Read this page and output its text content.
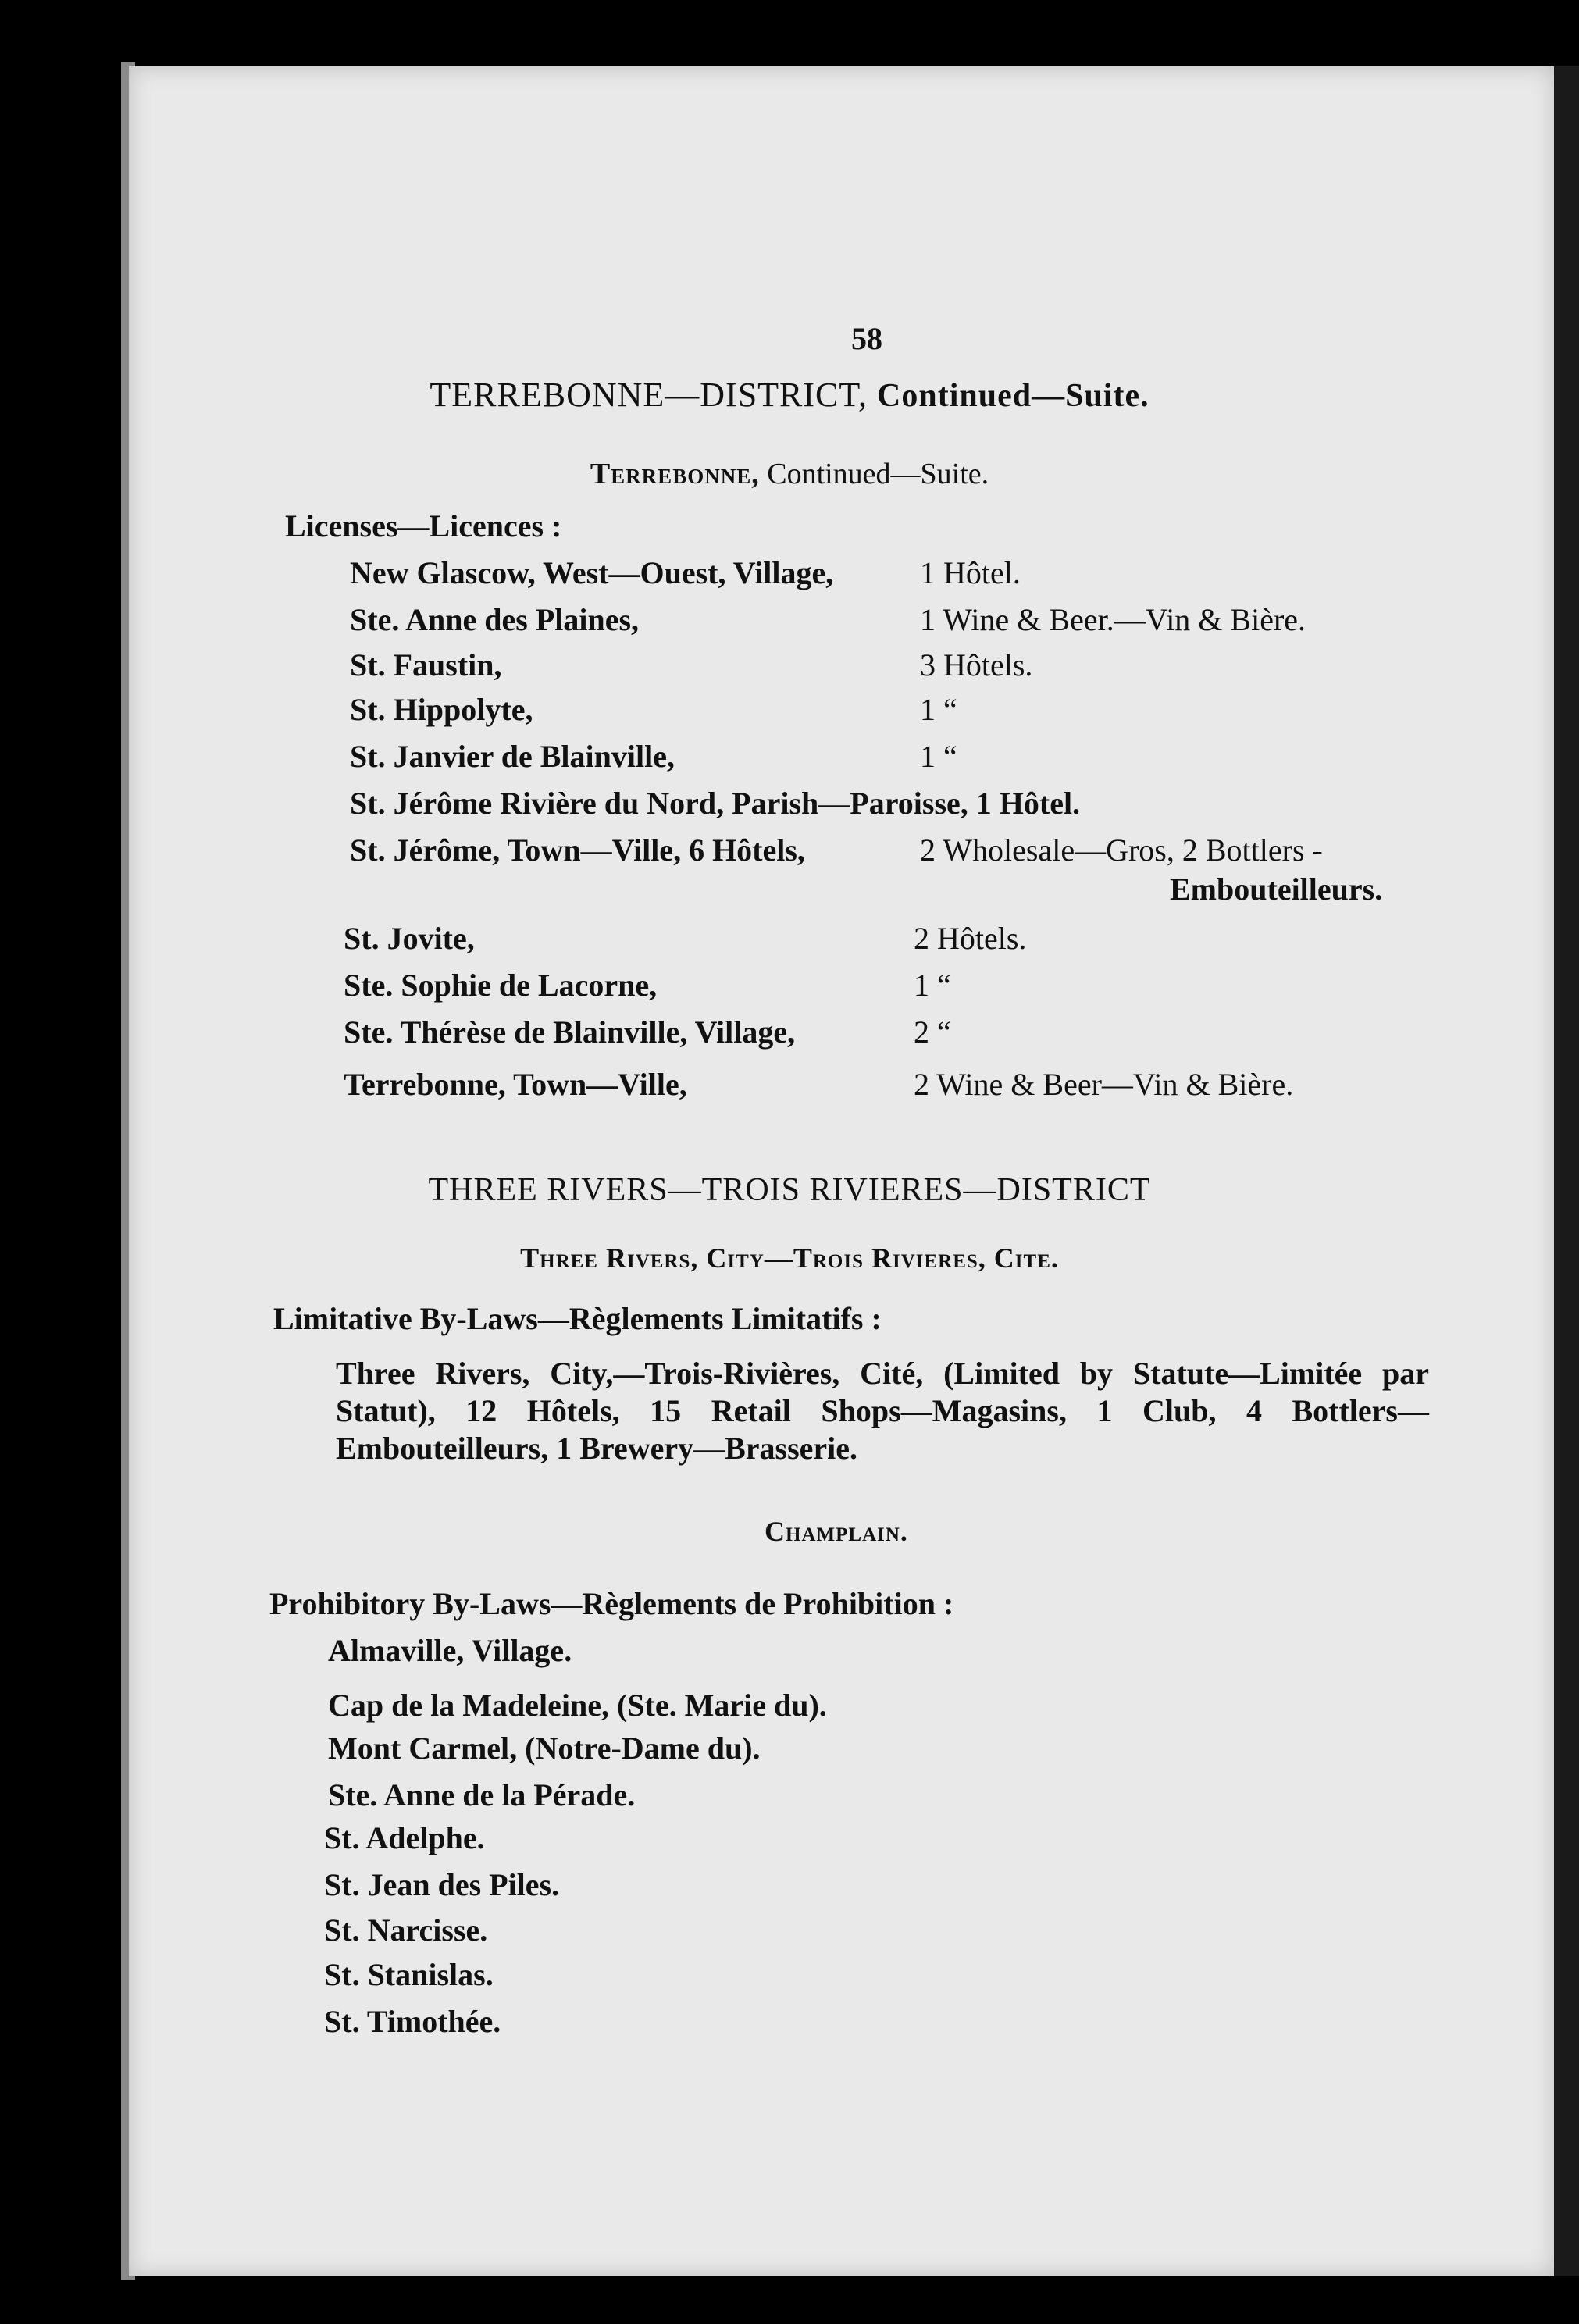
58
TERREBONNE—DISTRICT, Continued—Suite.
Terrebonne, Continued—Suite.
Licenses—Licences :
New Glascow, West—Ouest, Village,	1 Hôtel.
Ste. Anne des Plaines,	1 Wine & Beer.—Vin & Bière.
St. Faustin,	3 Hôtels.
St. Hippolyte,	1 “
St. Janvier de Blainville,	1 “
St. Jérôme Rivière du Nord, Parish—Paroisse, 1 Hôtel.
St. Jérôme, Town—Ville, 6 Hôtels,	2 Wholesale—Gros, 2 Bottlers -
Embouteilleurs.
St. Jovite,	2 Hôtels.
Ste. Sophie de Lacorne,	1 “
Ste. Thérèse de Blainville, Village,	2 “
Terrebonne, Town—Ville,	2 Wine & Beer—Vin & Bière.
THREE RIVERS—TROIS RIVIERES—DISTRICT
Three Rivers, City—Trois Rivieres, Cite.
Limitative By-Laws—Règlements Limitatifs :
Three Rivers, City,—Trois-Rivières, Cité, (Limited by Statute—Limitée par Statut), 12 Hôtels, 15 Retail Shops—Magasins, 1 Club, 4 Bottlers—Embouteilleurs, 1 Brewery—Brasserie.
Champlain.
Prohibitory By-Laws—Règlements de Prohibition :
Almaville, Village.
Cap de la Madeleine, (Ste. Marie du).
Mont Carmel, (Notre-Dame du).
Ste. Anne de la Pérade.
St. Adelphe.
St. Jean des Piles.
St. Narcisse.
St. Stanislas.
St. Timothée.
